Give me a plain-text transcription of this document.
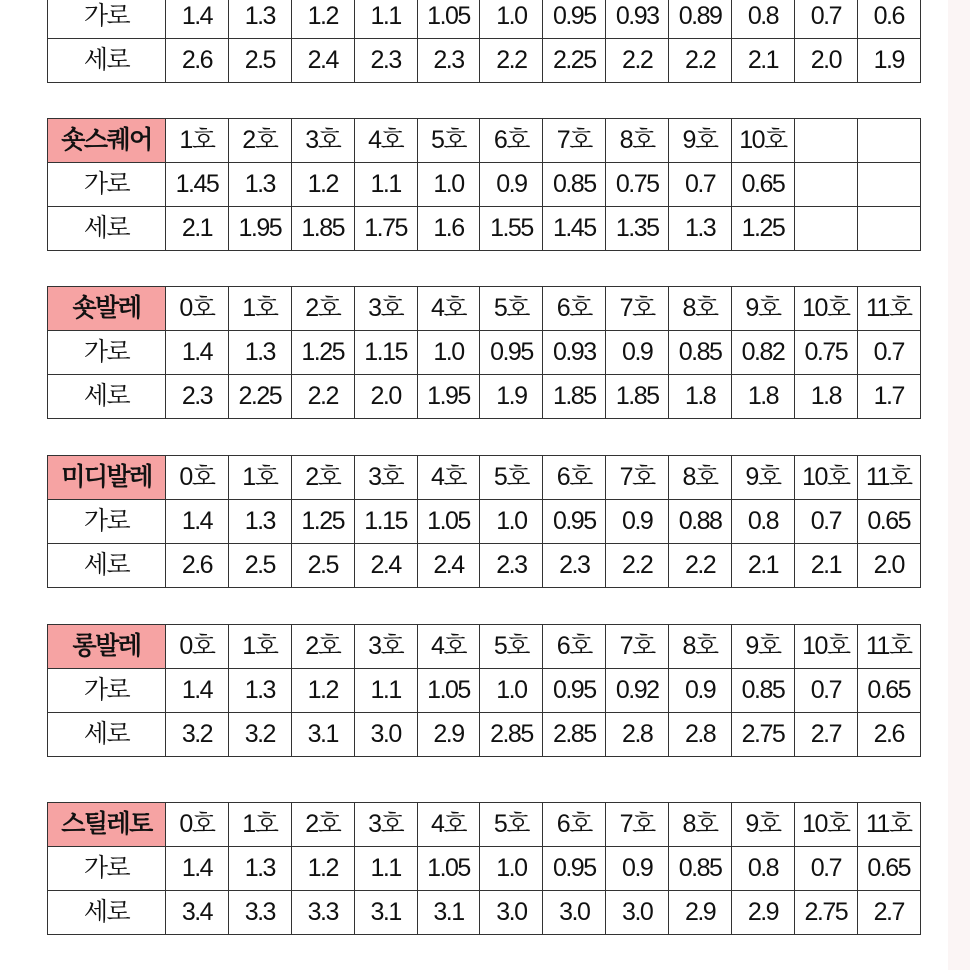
가로	1.4	1.3	1.2	1.1	1.05	1.0	0.95	0.93	0.89	0.8	0.7	0.6
세로	2.6	2.5	2.4	2.3	2.3	2.2	2.25	2.2	2.2	2.1	2.0	1.9
숏스퀘어	1호	2호	3호	4호	5호	6호	7호	8호	9호	10호		
가로	1.45	1.3	1.2	1.1	1.0	0.9	0.85	0.75	0.7	0.65		
세로	2.1	1.95	1.85	1.75	1.6	1.55	1.45	1.35	1.3	1.25		
숏발레	0호	1호	2호	3호	4호	5호	6호	7호	8호	9호	10호	11호
가로	1.4	1.3	1.25	1.15	1.0	0.95	0.93	0.9	0.85	0.82	0.75	0.7
세로	2.3	2.25	2.2	2.0	1.95	1.9	1.85	1.85	1.8	1.8	1.8	1.7
미디발레	0호	1호	2호	3호	4호	5호	6호	7호	8호	9호	10호	11호
가로	1.4	1.3	1.25	1.15	1.05	1.0	0.95	0.9	0.88	0.8	0.7	0.65
세로	2.6	2.5	2.5	2.4	2.4	2.3	2.3	2.2	2.2	2.1	2.1	2.0
롱발레	0호	1호	2호	3호	4호	5호	6호	7호	8호	9호	10호	11호
가로	1.4	1.3	1.2	1.1	1.05	1.0	0.95	0.92	0.9	0.85	0.7	0.65
세로	3.2	3.2	3.1	3.0	2.9	2.85	2.85	2.8	2.8	2.75	2.7	2.6
스틸레토	0호	1호	2호	3호	4호	5호	6호	7호	8호	9호	10호	11호
가로	1.4	1.3	1.2	1.1	1.05	1.0	0.95	0.9	0.85	0.8	0.7	0.65
세로	3.4	3.3	3.3	3.1	3.1	3.0	3.0	3.0	2.9	2.9	2.75	2.7
